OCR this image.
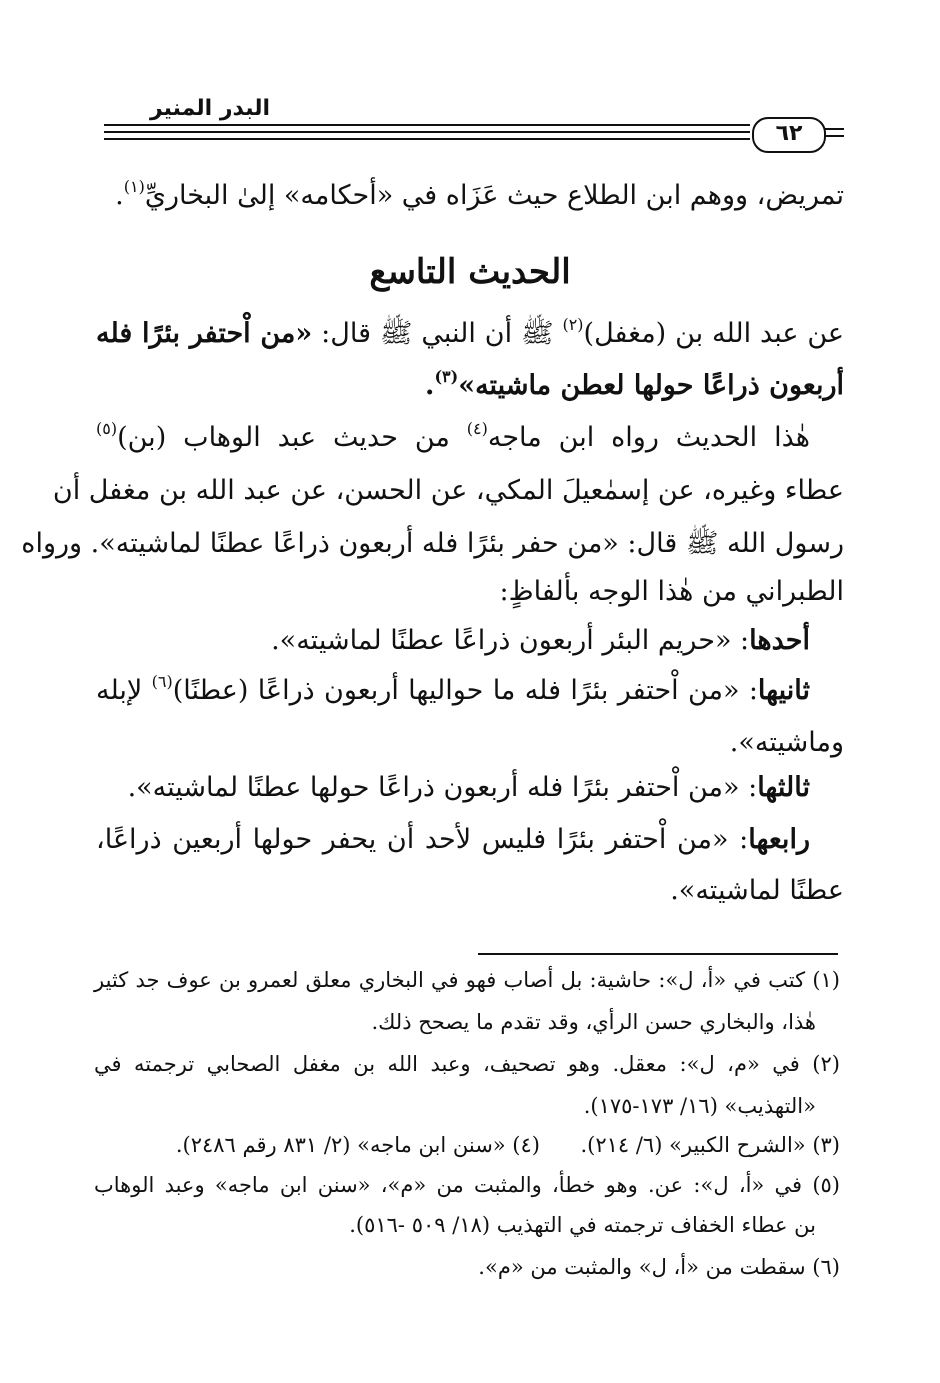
البدر المنير
٦٢
تمريض، ووهم ابن الطلاع حيث عَزَاه في «أحكامه» إلىٰ البخاريِّ$^{(١)}$.
الحديث التاسع
عن عبد الله بن (مغفل)$^{(٢)}$ ﷺ أن النبي ﷺ قال: «من اْحتفر بئرًا فله
أربعون ذراعًا حولها لعطن ماشيته»$^{(٣)}$.
هٰذا الحديث رواه ابن ماجه$^{(٤)}$ من حديث عبد الوهاب (بن)$^{(٥)}$
عطاء وغيره، عن إسمٰعيلَ المكي، عن الحسن، عن عبد الله بن مغفل أن
رسول الله ﷺ قال: «من حفر بئرًا فله أربعون ذراعًا عطنًا لماشيته». ورواه
الطبراني من هٰذا الوجه بألفاظٍ:
أحدها: «حريم البئر أربعون ذراعًا عطنًا لماشيته».
ثانيها: «من اْحتفر بئرًا فله ما حواليها أربعون ذراعًا (عطنًا)$^{(٦)}$ لإبله
وماشيته».
ثالثها: «من اْحتفر بئرًا فله أربعون ذراعًا حولها عطنًا لماشيته».
رابعها: «من اْحتفر بئرًا فليس لأحد أن يحفر حولها أربعين ذراعًا،
عطنًا لماشيته».
(١) كتب في «أ، ل»: حاشية: بل أصاب فهو في البخاري معلق لعمرو بن عوف جد كثير
هٰذا، والبخاري حسن الرأي، وقد تقدم ما يصحح ذلك.
(٢) في «م، ل»: معقل. وهو تصحيف، وعبد الله بن مغفل الصحابي ترجمته في
«التهذيب» (١٦/ ١٧٣-١٧٥).
(٣) «الشرح الكبير» (٦/ ٢١٤).
(٤) «سنن ابن ماجه» (٢/ ٨٣١ رقم ٢٤٨٦).
(٥) في «أ، ل»: عن. وهو خطأ، والمثبت من «م»، «سنن ابن ماجه» وعبد الوهاب
بن عطاء الخفاف ترجمته في التهذيب (١٨/ ٥٠٩ -٥١٦).
(٦) سقطت من «أ، ل» والمثبت من «م».
